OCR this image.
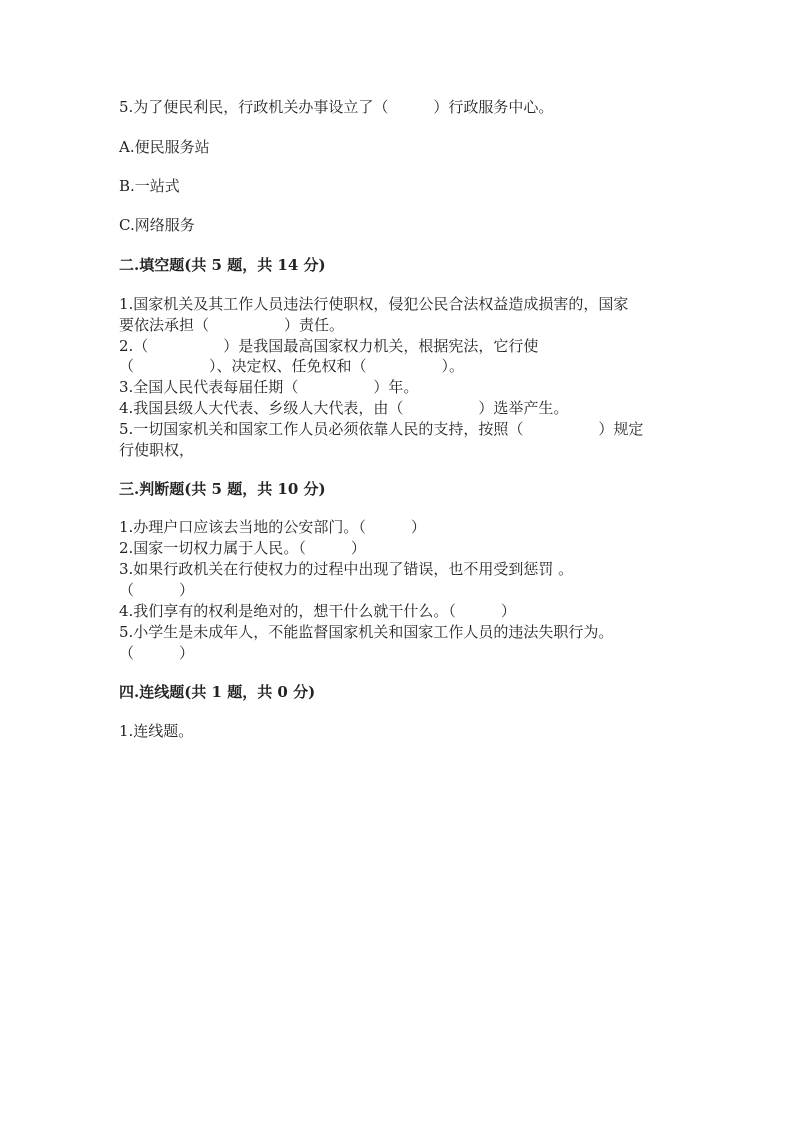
5.为了便民利民，行政机关办事设立了（　　　）行政服务中心。
A.便民服务站
B.一站式
C.网络服务
二.填空题(共 5 题，共 14 分)
1.国家机关及其工作人员违法行使职权，侵犯公民合法权益造成损害的，国家
要依法承担（　　　　　）责任。
2.（　　　　　）是我国最高国家权力机关，根据宪法，它行使
（　　　　　）、决定权、任免权和（　　　　　）。
3.全国人民代表每届任期（　　　　　）年。
4.我国县级人大代表、乡级人大代表，由（　　　　　）选举产生。
5.一切国家机关和国家工作人员必须依靠人民的支持，按照（　　　　　）规定
行使职权，
三.判断题(共 5 题，共 10 分)
1.办理户口应该去当地的公安部门。（　　　）
2.国家一切权力属于人民。（　　　）
3.如果行政机关在行使权力的过程中出现了错误，也不用受到惩罚 。
（　　　）
4.我们享有的权利是绝对的，想干什么就干什么。（　　　）
5.小学生是未成年人，不能监督国家机关和国家工作人员的违法失职行为。
（　　　）
四.连线题(共 1 题，共 0 分)
1.连线题。
